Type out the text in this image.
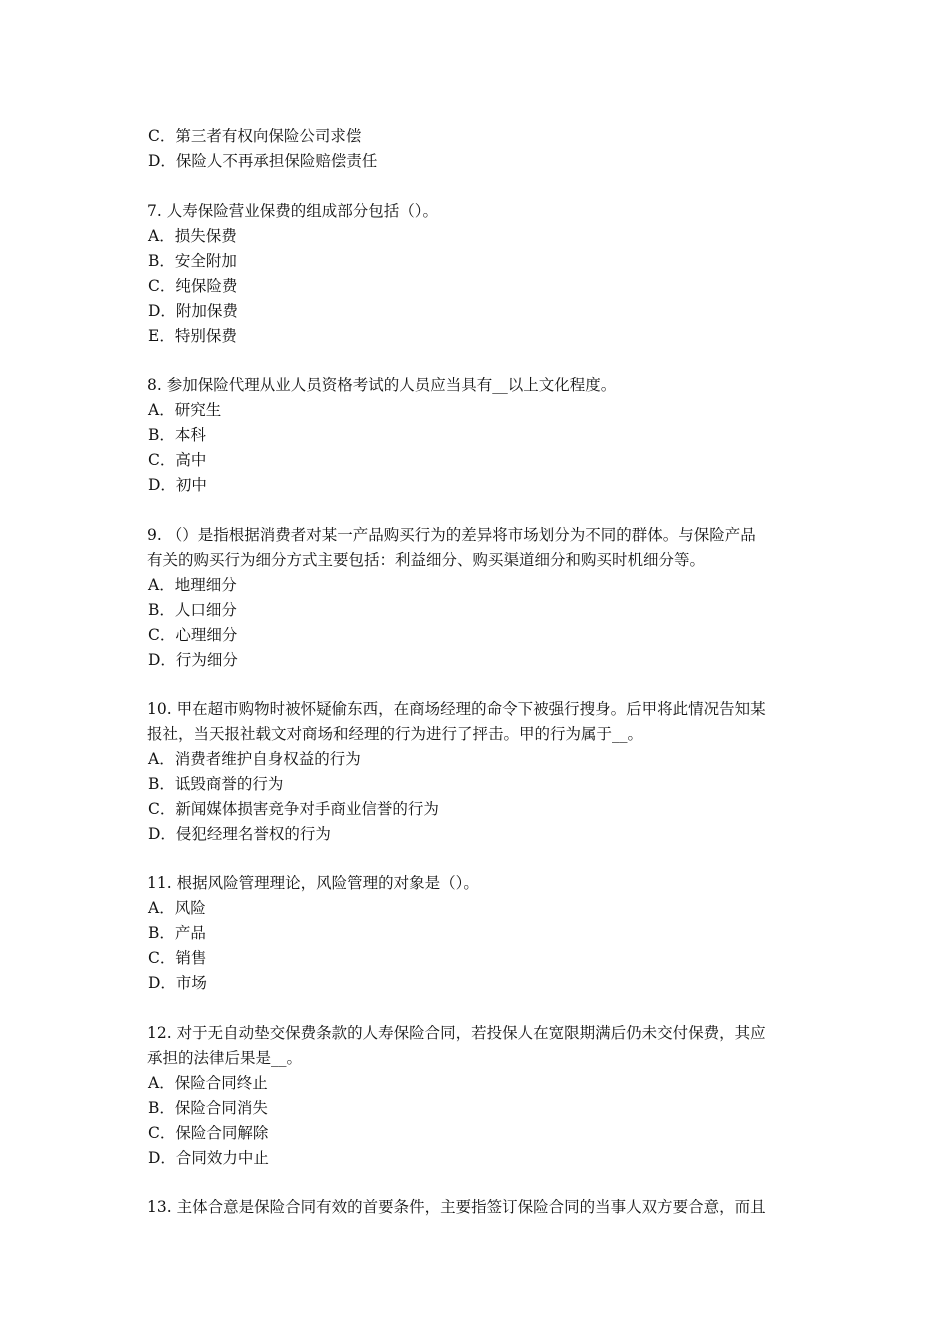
C．第三者有权向保险公司求偿
D．保险人不再承担保险赔偿责任
7. 人寿保险营业保费的组成部分包括（）。
A．损失保费
B．安全附加
C．纯保险费
D．附加保费
E．特别保费
8. 参加保险代理从业人员资格考试的人员应当具有__以上文化程度。
A．研究生
B．本科
C．高中
D．初中
9. （）是指根据消费者对某一产品购买行为的差异将市场划分为不同的群体。与保险产品
有关的购买行为细分方式主要包括：利益细分、购买渠道细分和购买时机细分等。
A．地理细分
B．人口细分
C．心理细分
D．行为细分
10. 甲在超市购物时被怀疑偷东西，在商场经理的命令下被强行搜身。后甲将此情况告知某
报社，当天报社载文对商场和经理的行为进行了抨击。甲的行为属于__。
A．消费者维护自身权益的行为
B．诋毁商誉的行为
C．新闻媒体损害竞争对手商业信誉的行为
D．侵犯经理名誉权的行为
11. 根据风险管理理论，风险管理的对象是（）。
A．风险
B．产品
C．销售
D．市场
12. 对于无自动垫交保费条款的人寿保险合同，若投保人在宽限期满后仍未交付保费，其应
承担的法律后果是__。
A．保险合同终止
B．保险合同消失
C．保险合同解除
D．合同效力中止
13. 主体合意是保险合同有效的首要条件，主要指签订保险合同的当事人双方要合意，而且
